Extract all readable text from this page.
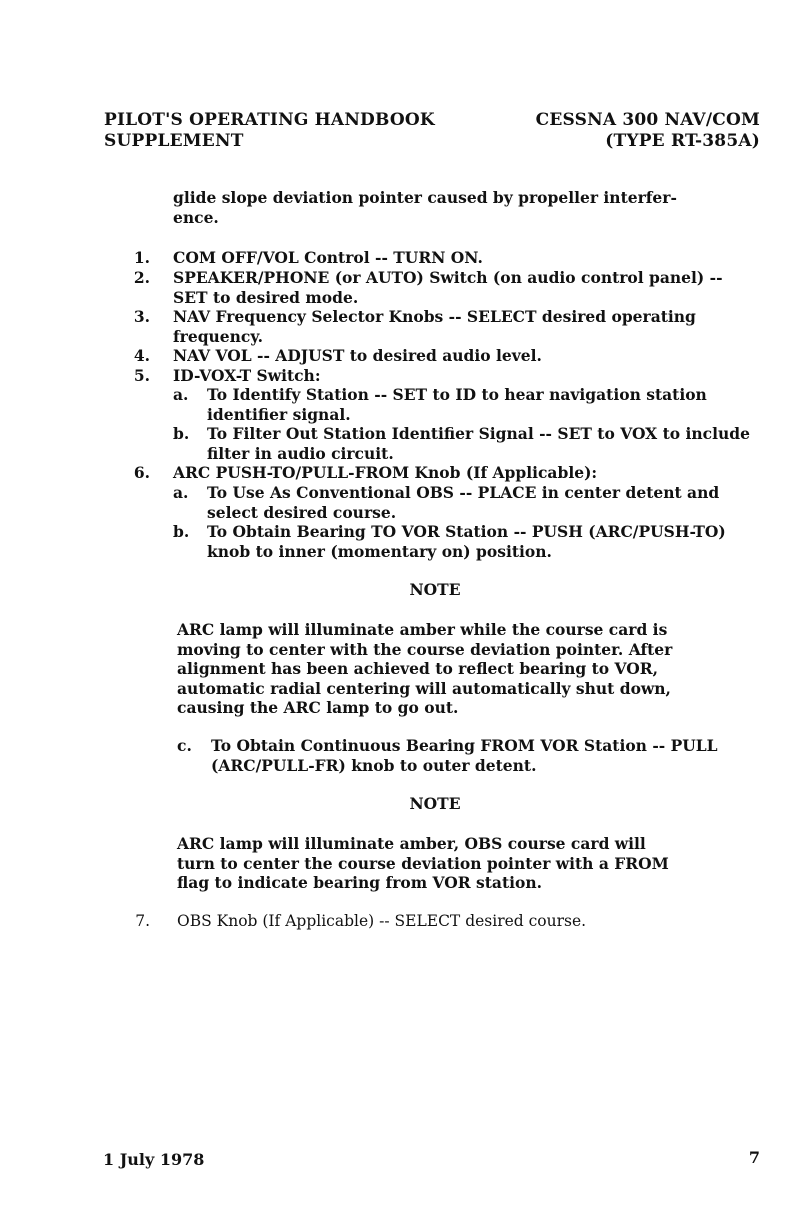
PILOT'S OPERATING HANDBOOK
SUPPLEMENT
CESSNA 300 NAV/COM
(TYPE RT-385A)
glide slope deviation pointer caused by propeller interfer-
ence.
1. COM OFF/VOL Control -- TURN ON.
2. SPEAKER/PHONE (or AUTO) Switch (on audio control panel) --
SET to desired mode.
3. NAV Frequency Selector Knobs -- SELECT desired operating
frequency.
4. NAV VOL -- ADJUST to desired audio level.
5. ID-VOX-T Switch:
a. To Identify Station -- SET to ID to hear navigation station
identifier signal.
b. To Filter Out Station Identifier Signal -- SET to VOX to include
filter in audio circuit.
6. ARC PUSH-TO/PULL-FROM Knob (If Applicable):
a. To Use As Conventional OBS -- PLACE in center detent and
select desired course.
b. To Obtain Bearing TO VOR Station -- PUSH (ARC/PUSH-TO)
knob to inner (momentary on) position.
NOTE
ARC lamp will illuminate amber while the course card is
moving to center with the course deviation pointer. After
alignment has been achieved to reflect bearing to VOR,
automatic radial centering will automatically shut down,
causing the ARC lamp to go out.
c. To Obtain Continuous Bearing FROM VOR Station -- PULL
(ARC/PULL-FR) knob to outer detent.
NOTE
ARC lamp will illuminate amber, OBS course card will
turn to center the course deviation pointer with a FROM
flag to indicate bearing from VOR station.
7. OBS Knob (If Applicable) -- SELECT desired course.
1 July 1978	7
